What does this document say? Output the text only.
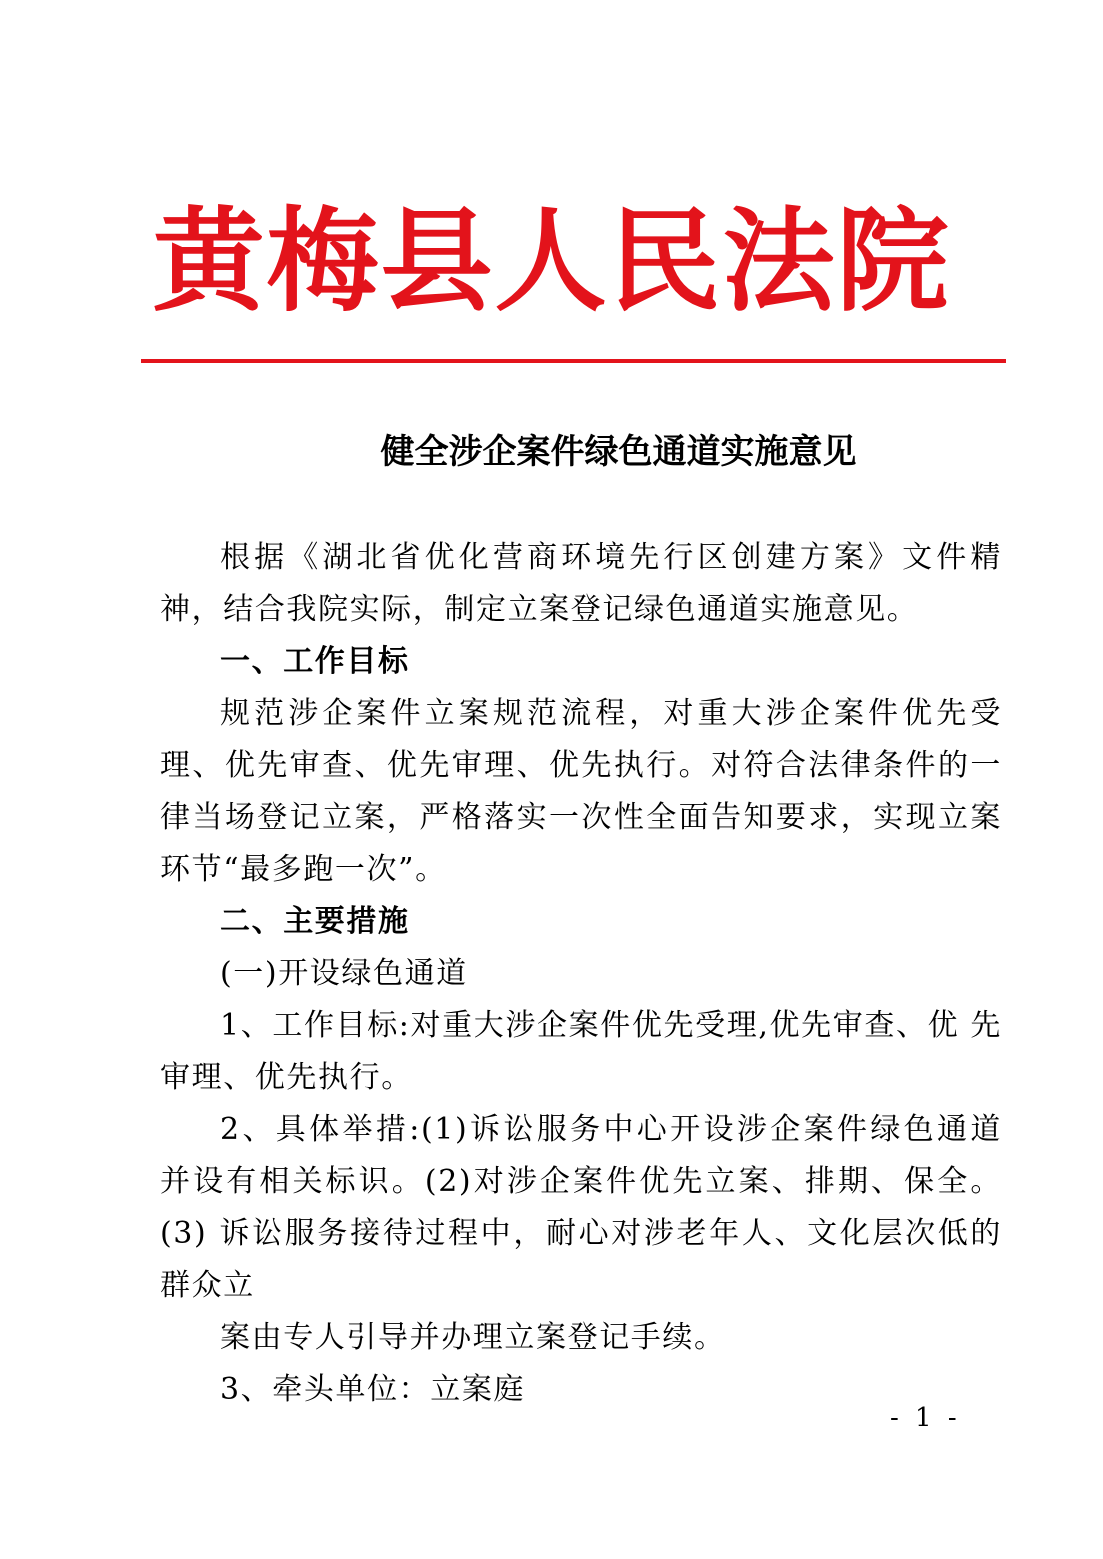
黄梅县人民法院
健全涉企案件绿色通道实施意见

根据《湖北省优化营商环境先行区创建方案》文件精神，结合我院实际，制定立案登记绿色通道实施意见。

一、工作目标

规范涉企案件立案规范流程，对重大涉企案件优先受理、优先审查、优先审理、优先执行。对符合法律条件的一律当场登记立案，严格落实一次性全面告知要求，实现立案环节“最多跑一次”。

二、主要措施

(一)开设绿色通道

1、工作目标:对重大涉企案件优先受理,优先审查、优 先审理、优先执行。

2、具体举措:(1)诉讼服务中心开设涉企案件绿色通道 并设有相关标识。(2)对涉企案件优先立案、排期、保全。(3) 诉讼服务接待过程中，耐心对涉老年人、文化层次低的群众立

案由专人引导并办理立案登记手续。

3、牵头单位：立案庭

- 1 -
